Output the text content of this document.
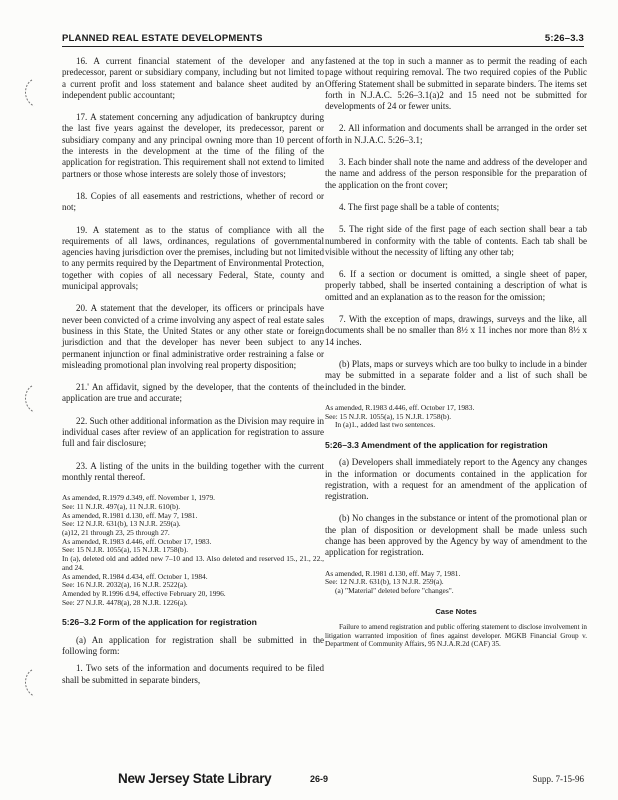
PLANNED REAL ESTATE DEVELOPMENTS	5:26–3.3

16. A current financial statement of the developer and any predecessor, parent or subsidiary company, including but not limited to a current profit and loss statement and balance sheet audited by an independent public accountant;

17. A statement concerning any adjudication of bankruptcy during the last five years against the developer, its predecessor, parent or subsidiary company and any principal owning more than 10 percent of the interests in the development at the time of the filing of the application for registration. This requirement shall not extend to limited partners or those whose interests are solely those of investors;

18. Copies of all easements and restrictions, whether of record or not;

19. A statement as to the status of compliance with all the requirements of all laws, ordinances, regulations of governmental agencies having jurisdiction over the premises, including but not limited to any permits required by the Department of Environmental Protection, together with copies of all necessary Federal, State, county and municipal approvals;

20. A statement that the developer, its officers or principals have never been convicted of a crime involving any aspect of real estate sales business in this State, the United States or any other state or foreign jurisdiction and that the developer has never been subject to any permanent injunction or final administrative order restraining a false or misleading promotional plan involving real property disposition;

21.' An affidavit, signed by the developer, that the contents of the application are true and accurate;

22. Such other additional information as the Division may require in individual cases after review of an application for registration to assure full and fair disclosure;

23. A listing of the units in the building together with the current monthly rental thereof.

As amended, R.1979 d.349, eff. November 1, 1979.
See: 11 N.J.R. 497(a), 11 N.J.R. 610(b).
As amended, R.1981 d.130, eff. May 7, 1981.
See: 12 N.J.R. 631(b), 13 N.J.R. 259(a).
(a)12, 21 through 23, 25 through 27.
As amended, R.1983 d.446, eff. October 17, 1983.
See: 15 N.J.R. 1055(a), 15 N.J.R. 1758(b).
In (a), deleted old and added new 7–10 and 13. Also deleted and reserved 15., 21., 22., and 24.
As amended, R.1984 d.434, eff. October 1, 1984.
See: 16 N.J.R. 2032(a), 16 N.J.R. 2522(a).
Amended by R.1996 d.94, effective February 20, 1996.
See: 27 N.J.R. 4478(a), 28 N.J.R. 1226(a).
5:26–3.2 Form of the application for registration

(a) An application for registration shall be submitted in the following form:

1. Two sets of the information and documents required to be filed shall be submitted in separate binders,

fastened at the top in such a manner as to permit the reading of each page without requiring removal. The two required copies of the Public Offering Statement shall be submitted in separate binders. The items set forth in N.J.A.C. 5:26–3.1(a)2 and 15 need not be submitted for developments of 24 or fewer units.

2. All information and documents shall be arranged in the order set forth in N.J.A.C. 5:26–3.1;

3. Each binder shall note the name and address of the developer and the name and address of the person responsible for the preparation of the application on the front cover;

4. The first page shall be a table of contents;

5. The right side of the first page of each section shall bear a tab numbered in conformity with the table of contents. Each tab shall be visible without the necessity of lifting any other tab;

6. If a section or document is omitted, a single sheet of paper, properly tabbed, shall be inserted containing a description of what is omitted and an explanation as to the reason for the omission;

7. With the exception of maps, drawings, surveys and the like, all documents shall be no smaller than 8½ x 11 inches nor more than 8½ x 14 inches.

(b) Plats, maps or surveys which are too bulky to include in a binder may be submitted in a separate folder and a list of such shall be included in the binder.

As amended, R.1983 d.446, eff. October 17, 1983.
See: 15 N.J.R. 1055(a), 15 N.J.R. 1758(b).
In (a)1., added last two sentences.
5:26–3.3 Amendment of the application for registration

(a) Developers shall immediately report to the Agency any changes in the information or documents contained in the application for registration, with a request for an amendment of the application of registration.

(b) No changes in the substance or intent of the promotional plan or the plan of disposition or development shall be made unless such change has been approved by the Agency by way of amendment to the application for registration.

As amended, R.1981 d.130, eff. May 7, 1981.
See: 12 N.J.R. 631(b), 13 N.J.R. 259(a).
(a) "Material" deleted before "changes".
Case Notes

Failure to amend registration and public offering statement to disclose involvement in litigation warranted imposition of fines against developer. MGKB Financial Group v. Department of Community Affairs, 95 N.J.A.R.2d (CAF) 35.

New Jersey State Library	26-9	Supp. 7-15-96
